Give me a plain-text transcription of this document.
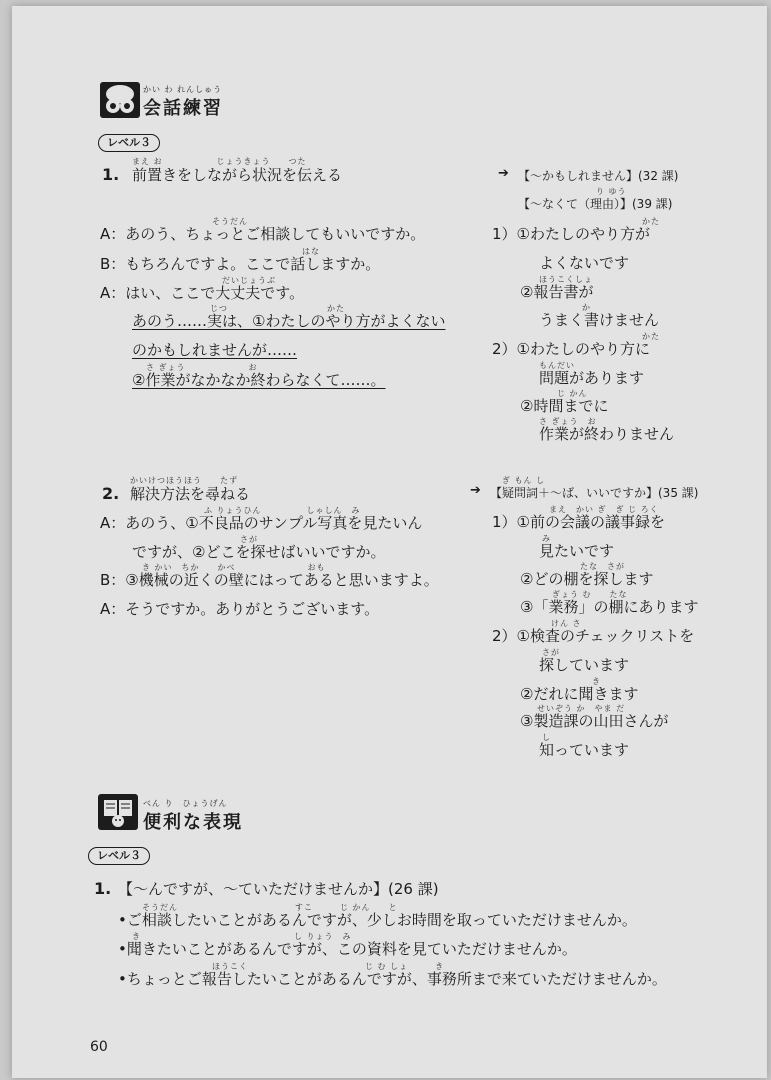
かい わ れんしゅう
会話練習
レベル３
まえ お　　　　　　じょうきょう　　つた
1. 前置きをしながら状況を伝える	➔ 【～かもしれません】(32 課)
り ゆう
【～なくて（理由）】(39 課)
そうだん
A：あのう、ちょっとご相談してもいいですか。
はな
B：もちろんですよ。ここで話しますか。
だいじょうぶ
A：はい、ここで大丈夫です。
じつ　　　　　　　　　　　かた
あのう……実は、①わたしのやり方がよくない
のかもしれませんが……
さ ぎょう　　　　　　　お
②作業がなかなか終わらなくて……。
かた
1）①わたしのやり方が
よくないです
ほうこくしょ
②報告書が
か
うまく書けません
かた
2）①わたしのやり方に
もんだい
問題があります
じ かん
②時間までに
さ ぎょう　お
作業が終わりません
かいけつほうほう　　たず
2. 解決方法を尋ねる	➔
ぎ もん し
【疑問詞＋～ば、いいですか】(35 課)
ふ りょうひん　　　　　しゃしん　み
A：あのう、①不良品のサンプル写真を見たいん
さが
ですが、②どこを探せばいいですか。
き かい　ちか　　かべ　　　　　　　　おも
B：③機械の近くの壁にはってあると思いますよ。
A：そうですか。ありがとうございます。
まえ　かい ぎ　ぎ じ ろく
1）①前の会議の議事録を
み
見たいです
たな　さが
②どの棚を探します
ぎょう む　　たな
③「業務」の棚にあります
けん さ
2）①検査のチェックリストを
さが
探しています
き
②だれに聞きます
せいぞう か　やま だ
③製造課の山田さんが
し
知っています
べん り　ひょうげん
便利な表現
レベル３
1. 【～んですが、～ていただけませんか】(26 課)
そうだん　　　　　　　　　　　　　すこ　　　じ かん　　と
•ご相談したいことがあるんですが、少しお時間を取っていただけませんか。
き　　　　　　　　　　　　　　　　　し りょう　み
•聞きたいことがあるんですが、この資料を見ていただけませんか。
ほうこく　　　　　　　　　　　　　じ む しょ　　　き
•ちょっとご報告したいことがあるんですが、事務所まで来ていただけませんか。
60
